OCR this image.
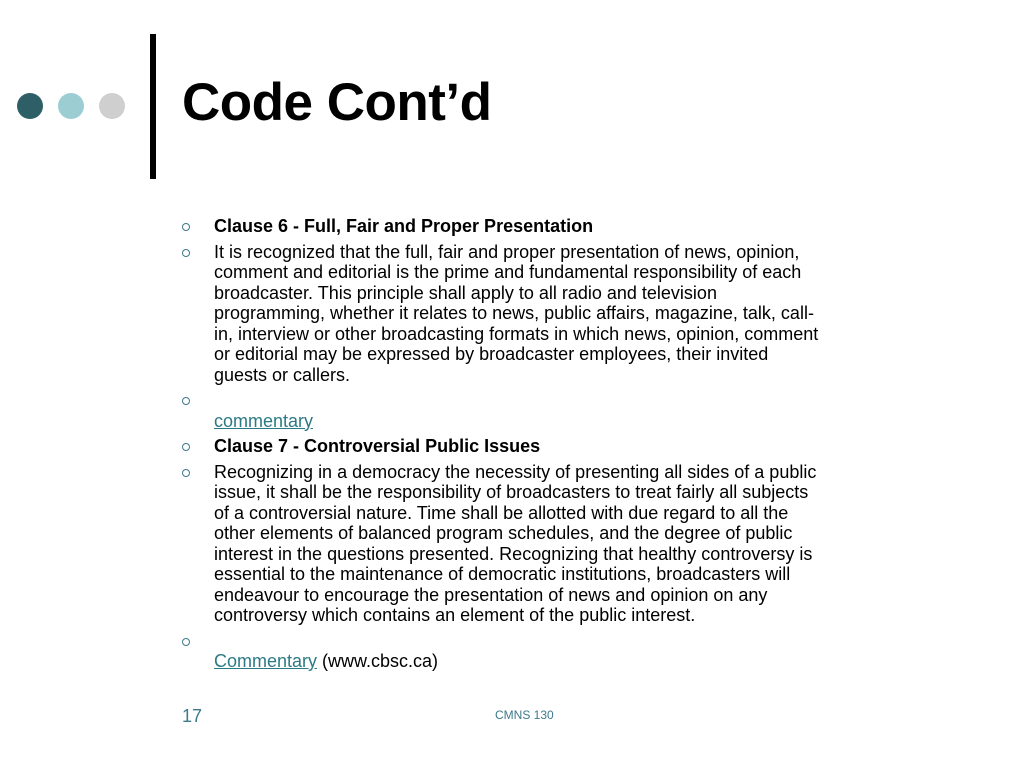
Code Cont’d
Clause 6 - Full, Fair and Proper Presentation
It is recognized that the full, fair and proper presentation of news, opinion,
comment and editorial is the prime and fundamental responsibility of each
broadcaster. This principle shall apply to all radio and television
programming, whether it relates to news, public affairs, magazine, talk, call-
in, interview or other broadcasting formats in which news, opinion, comment
or editorial may be expressed by broadcaster employees, their invited
guests or callers.

commentary

Clause 7 - Controversial Public Issues
Recognizing in a democracy the necessity of presenting all sides of a public
issue, it shall be the responsibility of broadcasters to treat fairly all subjects
of a controversial nature. Time shall be allotted with due regard to all the
other elements of balanced program schedules, and the degree of public
interest in the questions presented. Recognizing that healthy controversy is
essential to the maintenance of democratic institutions, broadcasters will
endeavour to encourage the presentation of news and opinion on any
controversy which contains an element of the public interest.

Commentary (www.cbsc.ca)

17	CMNS 130
